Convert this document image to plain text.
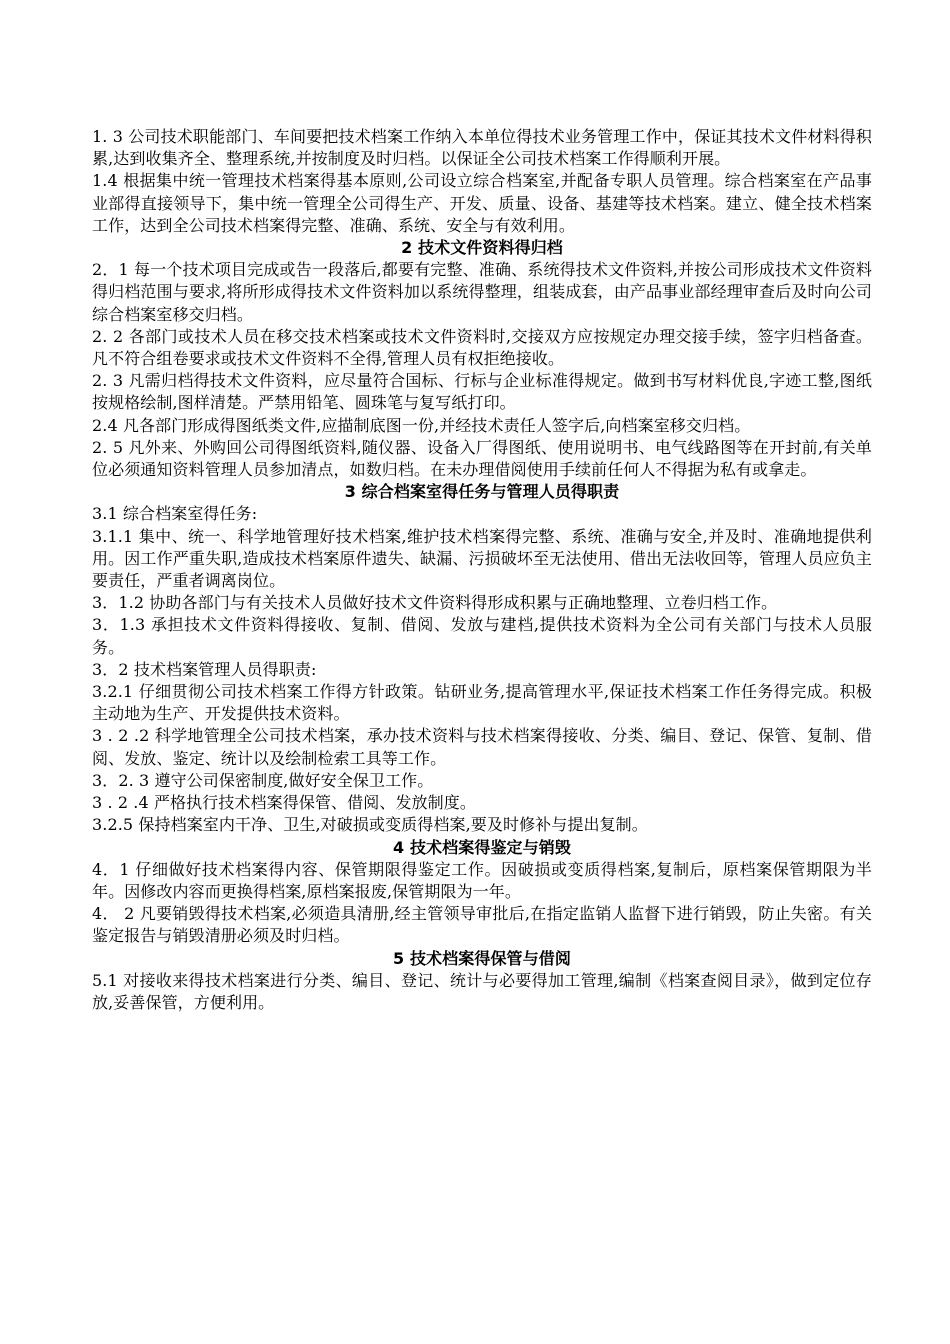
1. 3 公司技术职能部门、车间要把技术档案工作纳入本单位得技术业务管理工作中，保证其技术文件材料得积累,达到收集齐全、整理系统,并按制度及时归档。以保证全公司技术档案工作得顺利开展。
1.4 根据集中统一管理技术档案得基本原则,公司设立综合档案室,并配备专职人员管理。综合档案室在产品事业部得直接领导下，集中统一管理全公司得生产、开发、质量、设备、基建等技术档案。建立、健全技术档案工作，达到全公司技术档案得完整、准确、系统、安全与有效利用。
2 技术文件资料得归档
2．1 每一个技术项目完成或告一段落后,都要有完整、准确、系统得技术文件资料,并按公司形成技术文件资料得归档范围与要求,将所形成得技术文件资料加以系统得整理，组装成套，由产品事业部经理审查后及时向公司综合档案室移交归档。
2. 2 各部门或技术人员在移交技术档案或技术文件资料时,交接双方应按规定办理交接手续，签字归档备查。凡不符合组卷要求或技术文件资料不全得,管理人员有权拒绝接收。
2. 3 凡需归档得技术文件资料，应尽量符合国标、行标与企业标准得规定。做到书写材料优良,字迹工整,图纸按规格绘制,图样清楚。严禁用铅笔、圆珠笔与复写纸打印。
2.4 凡各部门形成得图纸类文件,应描制底图一份,并经技术责任人签字后,向档案室移交归档。
2. 5 凡外来、外购回公司得图纸资料,随仪器、设备入厂得图纸、使用说明书、电气线路图等在开封前,有关单位必须通知资料管理人员参加清点，如数归档。在未办理借阅使用手续前任何人不得据为私有或拿走。
3 综合档案室得任务与管理人员得职责
3.1 综合档案室得任务:
3.1.1 集中、统一、科学地管理好技术档案,维护技术档案得完整、系统、准确与安全,并及时、准确地提供利用。因工作严重失职,造成技术档案原件遗失、缺漏、污损破坏至无法使用、借出无法收回等，管理人员应负主要责任，严重者调离岗位。
3．1.2 协助各部门与有关技术人员做好技术文件资料得形成积累与正确地整理、立卷归档工作。
3．1.3 承担技术文件资料得接收、复制、借阅、发放与建档,提供技术资料为全公司有关部门与技术人员服务。
3．2 技术档案管理人员得职责:
3.2.1 仔细贯彻公司技术档案工作得方针政策。钻研业务,提高管理水平,保证技术档案工作任务得完成。积极主动地为生产、开发提供技术资料。
3 . 2 .2 科学地管理全公司技术档案，承办技术资料与技术档案得接收、分类、编目、登记、保管、复制、借阅、发放、鉴定、统计以及绘制检索工具等工作。
3．2. 3 遵守公司保密制度,做好安全保卫工作。
3 . 2 .4 严格执行技术档案得保管、借阅、发放制度。
3.2.5 保持档案室内干净、卫生,对破损或变质得档案,要及时修补与提出复制。
4 技术档案得鉴定与销毁
4．1 仔细做好技术档案得内容、保管期限得鉴定工作。因破损或变质得档案,复制后，原档案保管期限为半年。因修改内容而更换得档案,原档案报废,保管期限为一年。
4． 2 凡要销毁得技术档案,必须造具清册,经主管领导审批后,在指定监销人监督下进行销毁，防止失密。有关鉴定报告与销毁清册必须及时归档。
5 技术档案得保管与借阅
5.1 对接收来得技术档案进行分类、编目、登记、统计与必要得加工管理,编制《档案查阅目录》，做到定位存放,妥善保管，方便利用。
